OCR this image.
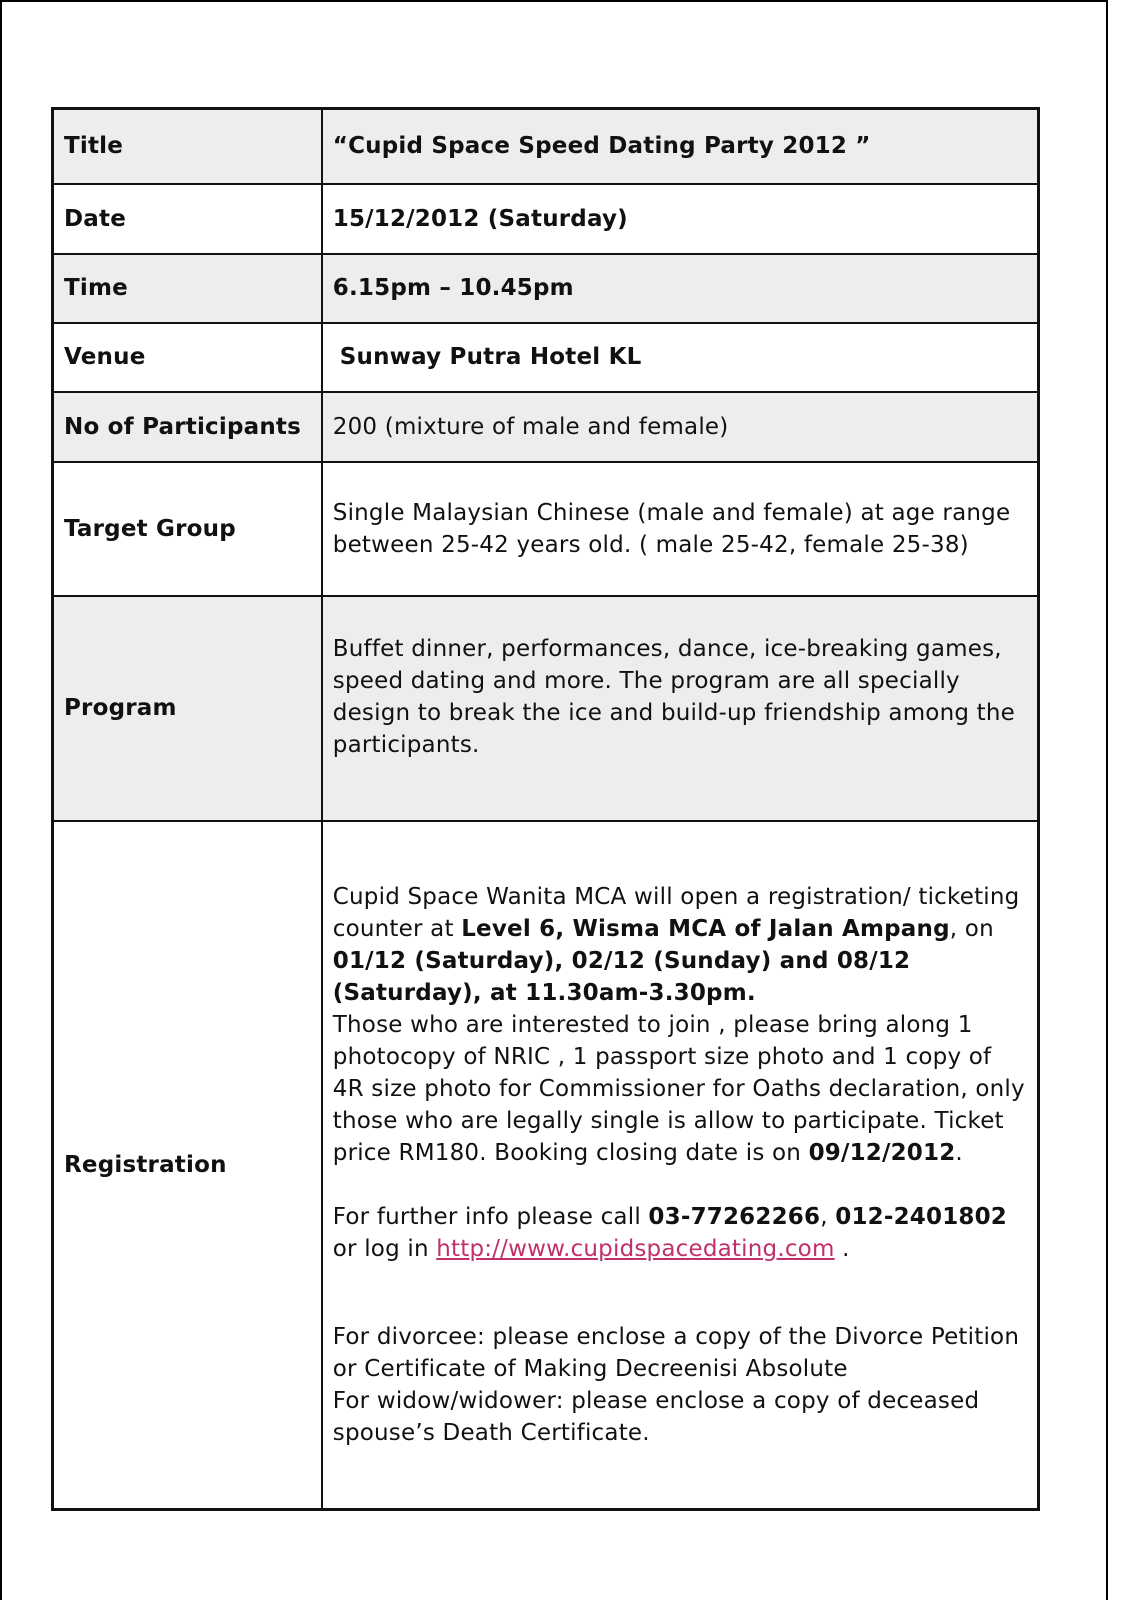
Title	“Cupid Space Speed Dating Party 2012 ”
Date	15/12/2012 (Saturday)
Time	6.15pm – 10.45pm
Venue	Sunway Putra Hotel KL
No of Participants	200 (mixture of male and female)
Target Group	Single Malaysian Chinese (male and female) at age range between 25-42 years old. ( male 25-42, female 25-38)
Program	Buffet dinner, performances, dance, ice-breaking games, speed dating and more. The program are all specially design to break the ice and build-up friendship among the participants.

Registration	Cupid Space Wanita MCA will open a registration/ ticketing counter at Level 6, Wisma MCA of Jalan Ampang, on 01/12 (Saturday), 02/12 (Sunday) and 08/12 (Saturday), at 11.30am-3.30pm.

Those who are interested to join , please bring along 1 photocopy of NRIC , 1 passport size photo and 1 copy of 4R size photo for Commissioner for Oaths declaration, only those who are legally single is allow to participate. Ticket price RM180. Booking closing date is on 09/12/2012.

For further info please call 03-77262266, 012-2401802 or log in http://www.cupidspacedating.com .

For divorcee: please enclose a copy of the Divorce Petition or Certificate of Making Decreenisi Absolute

For widow/widower: please enclose a copy of deceased spouse’s Death Certificate.
